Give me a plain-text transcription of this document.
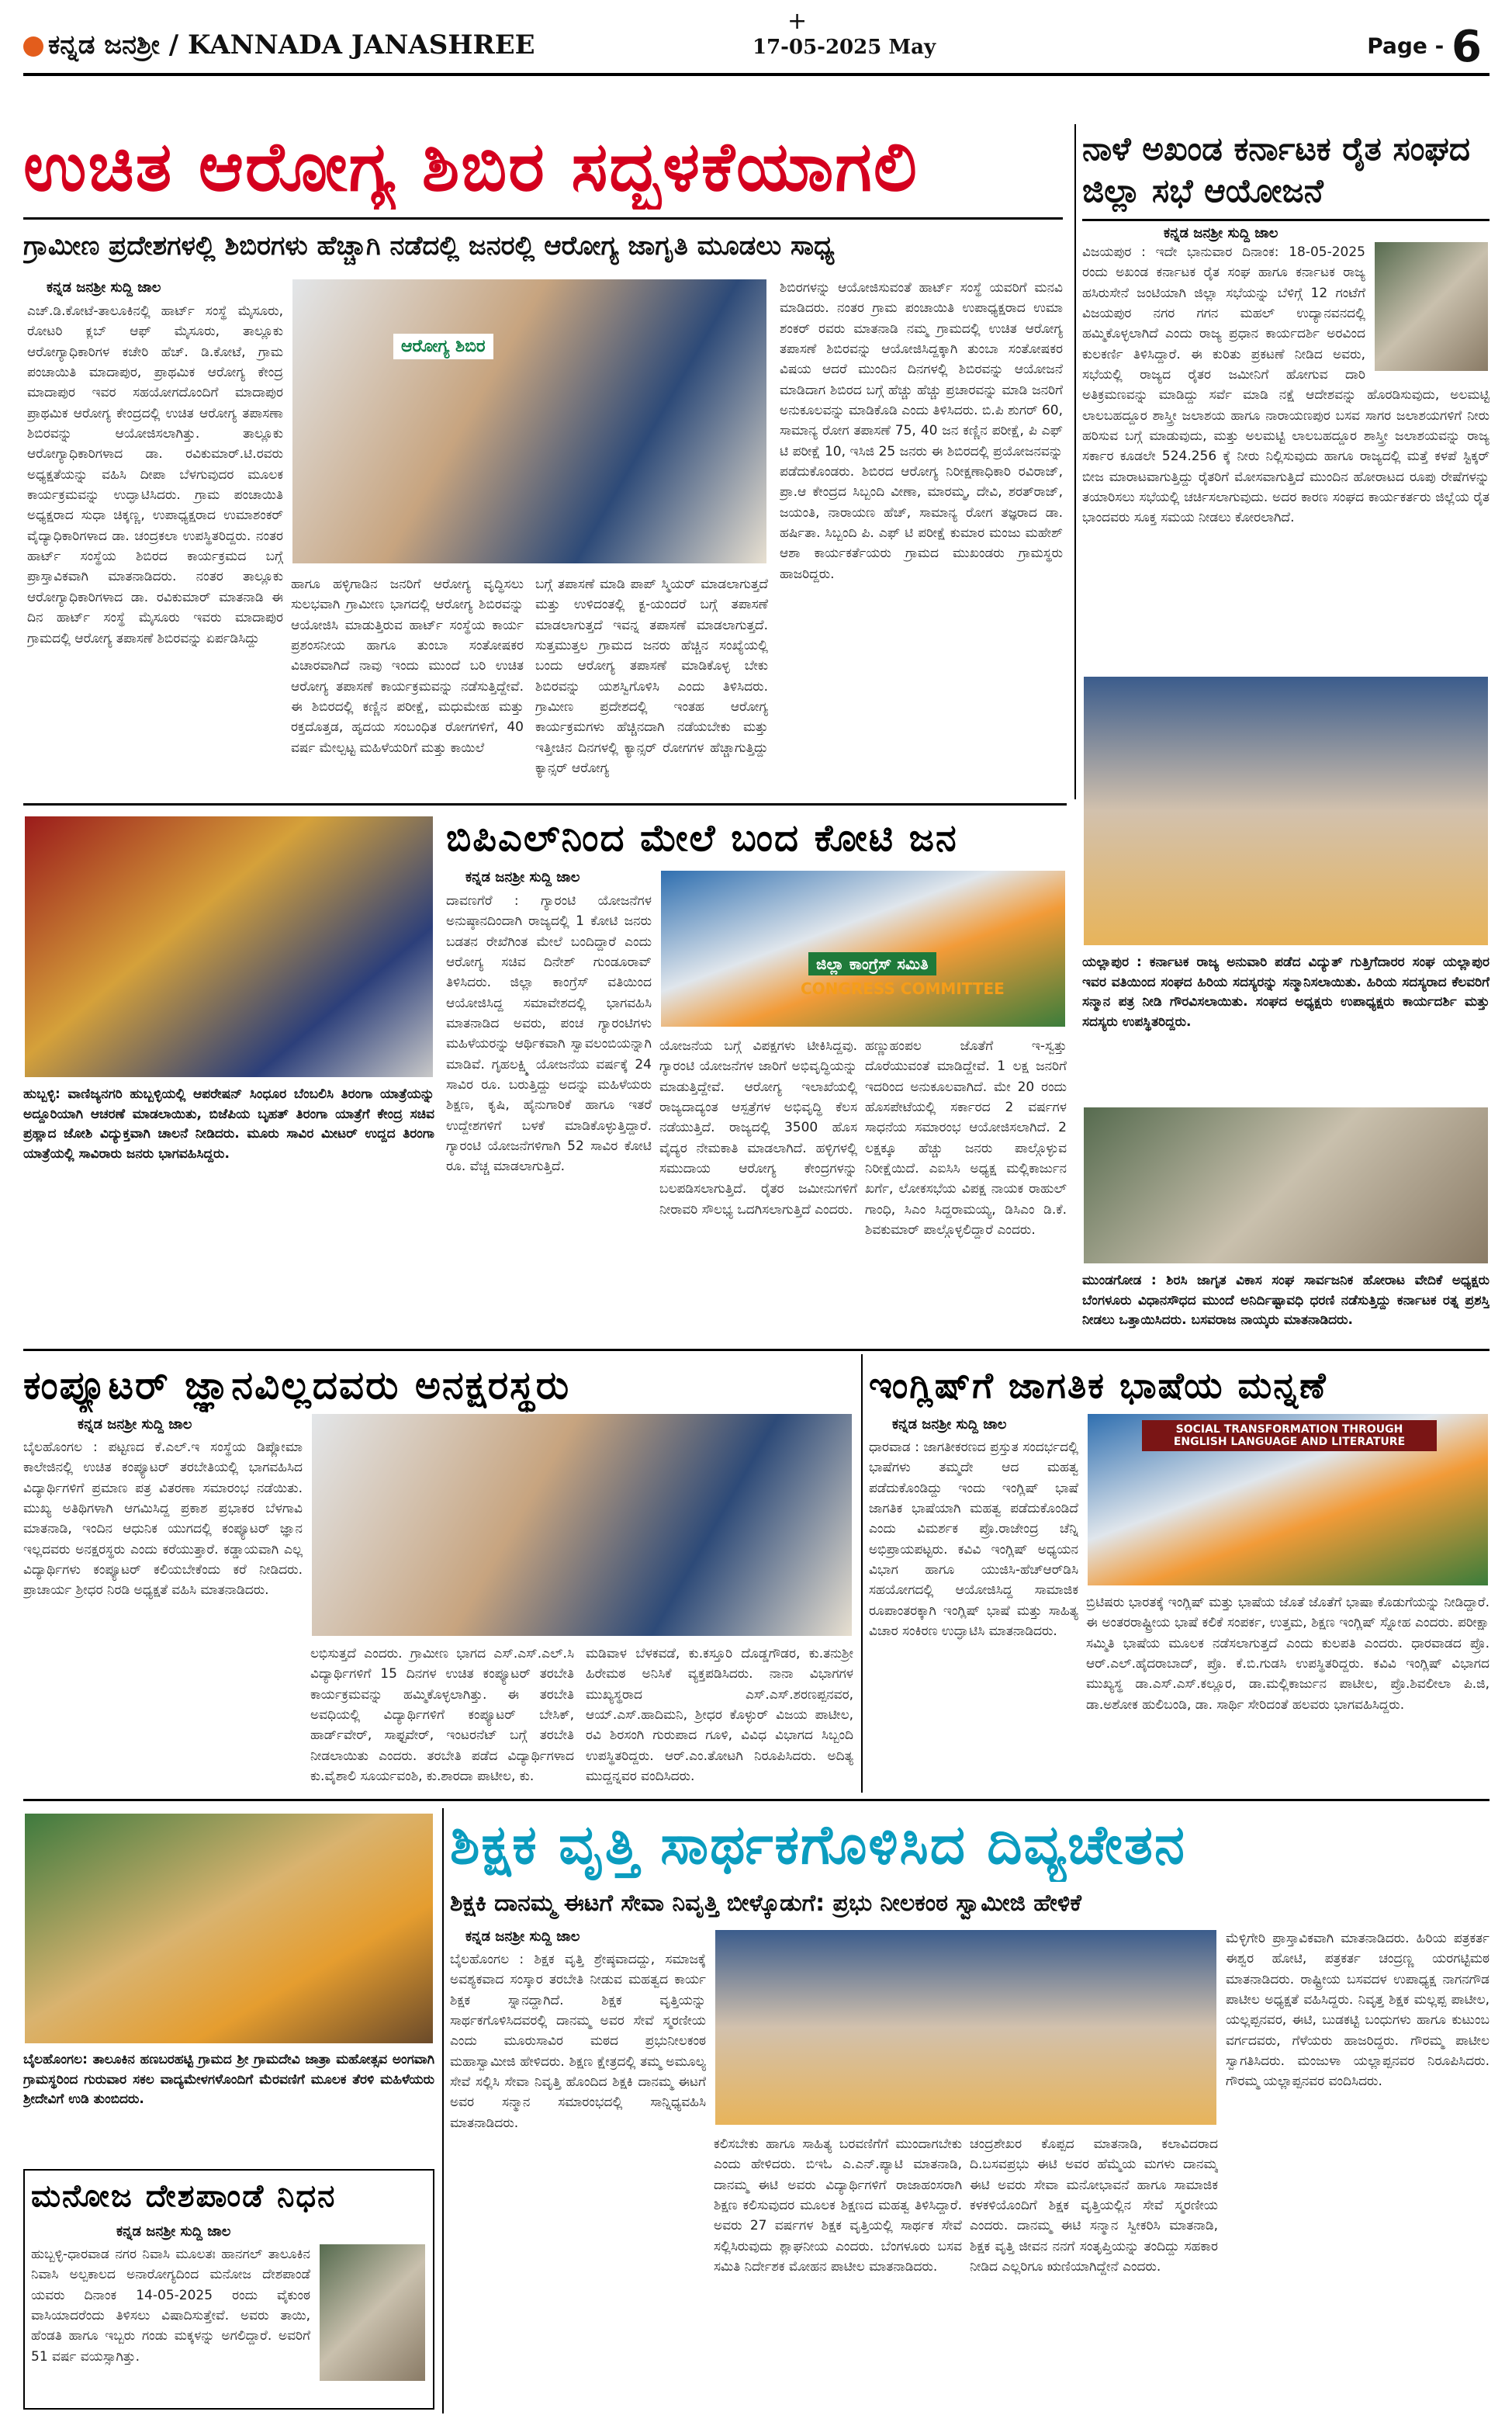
ಕನ್ನಡ ಜನಶ್ರೀ / KANNADA JANASHREE
+
17-05-2025 May	Page - 6
ಉಚಿತ ಆರೋಗ್ಯ ಶಿಬಿರ ಸದ್ಬಳಕೆಯಾಗಲಿ
ಗ್ರಾಮೀಣ ಪ್ರದೇಶಗಳಲ್ಲಿ ಶಿಬಿರಗಳು ಹೆಚ್ಚಾಗಿ ನಡೆದಲ್ಲಿ ಜನರಲ್ಲಿ ಆರೋಗ್ಯ ಜಾಗೃತಿ ಮೂಡಲು ಸಾಧ್ಯ
ಕನ್ನಡ ಜನಶ್ರೀ ಸುದ್ದಿ ಜಾಲ
ಎಚ್.ಡಿ.ಕೋಟೆ-ತಾಲೂಕಿನಲ್ಲಿ ಹಾರ್ಟ್ ಸಂಸ್ಥೆ ಮೈಸೂರು, ರೋಟರಿ ಕ್ಲಬ್ ಆಫ್ ಮೈಸೂರು, ತಾಲ್ಲೂಕು ಆರೋಗ್ಯಾಧಿಕಾರಿಗಳ ಕಚೇರಿ ಹೆಚ್. ಡಿ.ಕೋಟೆ, ಗ್ರಾಮ ಪಂಚಾಯಿತಿ ಮಾದಾಪುರ, ಪ್ರಾಥಮಿಕ ಆರೋಗ್ಯ ಕೇಂದ್ರ ಮಾದಾಪುರ ಇವರ ಸಹಯೋಗದೊಂದಿಗೆ ಮಾದಾಪುರ ಪ್ರಾಥಮಿಕ ಆರೋಗ್ಯ ಕೇಂದ್ರದಲ್ಲಿ ಉಚಿತ ಆರೋಗ್ಯ ತಪಾಸಣಾ ಶಿಬಿರವನ್ನು ಆಯೋಜಿಸಲಾಗಿತ್ತು. ತಾಲ್ಲೂಕು ಆರೋಗ್ಯಾಧಿಕಾರಿಗಳಾದ ಡಾ. ರವಿಕುಮಾರ್.ಟಿ.ರವರು ಅಧ್ಯಕ್ಷತೆಯನ್ನು ವಹಿಸಿ ದೀಪಾ ಬೆಳಗುವುದರ ಮೂಲಕ ಕಾರ್ಯಕ್ರಮವನ್ನು ಉದ್ಘಾಟಿಸಿದರು. ಗ್ರಾಮ ಪಂಚಾಯಿತಿ ಅಧ್ಯಕ್ಷರಾದ ಸುಧಾ ಚಿಕ್ಕಣ್ಣ, ಉಪಾಧ್ಯಕ್ಷರಾದ ಉಮಾಶಂಕರ್ ವೈದ್ಯಾಧಿಕಾರಿಗಳಾದ ಡಾ. ಚಂದ್ರಕಲಾ ಉಪಸ್ಥಿತರಿದ್ದರು. ನಂತರ ಹಾರ್ಟ್ ಸಂಸ್ಥೆಯ ಶಿಬಿರದ ಕಾರ್ಯಕ್ರಮದ ಬಗ್ಗೆ ಪ್ರಾಸ್ತಾವಿಕವಾಗಿ ಮಾತನಾಡಿದರು. ನಂತರ ತಾಲ್ಲೂಕು ಆರೋಗ್ಯಾಧಿಕಾರಿಗಳಾದ ಡಾ. ರವಿಕುಮಾರ್ ಮಾತನಾಡಿ ಈ ದಿನ ಹಾರ್ಟ್ ಸಂಸ್ಥೆ ಮೈಸೂರು ಇವರು ಮಾದಾಪುರ ಗ್ರಾಮದಲ್ಲಿ ಆರೋಗ್ಯ ತಪಾಸಣೆ ಶಿಬಿರವನ್ನು ಏರ್ಪಡಿಸಿದ್ದು
ಆರೋಗ್ಯ ಶಿಬಿರ
ಹಾಗೂ ಹಳ್ಳಿಗಾಡಿನ ಜನರಿಗೆ ಆರೋಗ್ಯ ವೃದ್ಧಿಸಲು ಸುಲಭವಾಗಿ ಗ್ರಾಮೀಣ ಭಾಗದಲ್ಲಿ ಆರೋಗ್ಯ ಶಿಬಿರವನ್ನು ಆಯೋಜಿಸಿ ಮಾಡುತ್ತಿರುವ ಹಾರ್ಟ್ ಸಂಸ್ಥೆಯ ಕಾರ್ಯ ಪ್ರಶಂಸನೀಯ ಹಾಗೂ ತುಂಬಾ ಸಂತೋಷಕರ ವಿಚಾರವಾಗಿದೆ ನಾವು ಇಂದು ಮುಂದೆ ಬರಿ ಉಚಿತ ಆರೋಗ್ಯ ತಪಾಸಣೆ ಕಾರ್ಯಕ್ರಮವನ್ನು ನಡೆಸುತ್ತಿದ್ದೇವೆ. ಈ ಶಿಬಿರದಲ್ಲಿ ಕಣ್ಣಿನ ಪರೀಕ್ಷೆ, ಮಧುಮೇಹ ಮತ್ತು ರಕ್ತದೊತ್ತಡ, ಹೃದಯ ಸಂಬಂಧಿತ ರೋಗಗಳಿಗೆ, 40 ವರ್ಷ ಮೇಲ್ಪಟ್ಟ ಮಹಿಳೆಯರಿಗೆ ಮತ್ತು ಕಾಯಿಲೆ
ಬಗ್ಗೆ ತಪಾಸಣೆ ಮಾಡಿ ಪಾಪ್ ಸ್ಮಿಯರ್ ಮಾಡಲಾಗುತ್ತದೆ ಮತ್ತು ಉಳಿದಂತಲ್ಲಿ ಕ್ಟ-ಯಂದರೆ ಬಗ್ಗೆ ತಪಾಸಣೆ ಮಾಡಲಾಗುತ್ತದೆ ಇವನ್ನ ತಪಾಸಣೆ ಮಾಡಲಾಗುತ್ತದೆ. ಸುತ್ತಮುತ್ತಲ ಗ್ರಾಮದ ಜನರು ಹೆಚ್ಚಿನ ಸಂಖ್ಯೆಯಲ್ಲಿ ಬಂದು ಆರೋಗ್ಯ ತಪಾಸಣೆ ಮಾಡಿಕೊಳ್ಳ ಬೇಕು ಶಿಬಿರವನ್ನು ಯಶಸ್ವಿಗೊಳಿಸಿ ಎಂದು ತಿಳಿಸಿದರು. ಗ್ರಾಮೀಣ ಪ್ರದೇಶದಲ್ಲಿ ಇಂತಹ ಆರೋಗ್ಯ ಕಾರ್ಯಕ್ರಮಗಳು ಹೆಚ್ಚಿನದಾಗಿ ನಡೆಯಬೇಕು ಮತ್ತು ಇತ್ತೀಚಿನ ದಿನಗಳಲ್ಲಿ ಕ್ಯಾನ್ಸರ್ ರೋಗಗಳ ಹೆಚ್ಚಾಗುತ್ತಿದ್ದು ಕ್ಯಾನ್ಸರ್ ಆರೋಗ್ಯ
ಶಿಬಿರಗಳನ್ನು ಆಯೋಜಿಸುವಂತೆ ಹಾರ್ಟ್ ಸಂಸ್ಥೆ ಯವರಿಗೆ ಮನವಿ ಮಾಡಿದರು. ನಂತರ ಗ್ರಾಮ ಪಂಚಾಯಿತಿ ಉಪಾಧ್ಯಕ್ಷರಾದ ಉಮಾ ಶಂಕರ್ ರವರು ಮಾತನಾಡಿ ನಮ್ಮ ಗ್ರಾಮದಲ್ಲಿ ಉಚಿತ ಆರೋಗ್ಯ ತಪಾಸಣೆ ಶಿಬಿರವನ್ನು ಆಯೋಜಿಸಿದ್ದಕ್ಕಾಗಿ ತುಂಬಾ ಸಂತೋಷಕರ ವಿಷಯ ಆದರೆ ಮುಂದಿನ ದಿನಗಳಲ್ಲಿ ಶಿಬಿರವನ್ನು ಆಯೋಜನೆ ಮಾಡಿದಾಗ ಶಿಬಿರದ ಬಗ್ಗೆ ಹೆಚ್ಚು ಹೆಚ್ಚು ಪ್ರಚಾರವನ್ನು ಮಾಡಿ ಜನರಿಗೆ ಅನುಕೂಲವನ್ನು ಮಾಡಿಕೊಡಿ ಎಂದು ತಿಳಿಸಿದರು. ಬಿ.ಪಿ ಶುಗರ್ 60, ಸಾಮಾನ್ಯ ರೋಗ ತಪಾಸಣೆ 75, 40 ಜನ ಕಣ್ಣಿನ ಪರೀಕ್ಷೆ, ಪಿ ಎಫ್ ಟಿ ಪರೀಕ್ಷೆ 10, ಇಸಿಜಿ 25 ಜನರು ಈ ಶಿಬಿರದಲ್ಲಿ ಪ್ರಯೋಜನವನ್ನು ಪಡೆದುಕೊಂಡರು. ಶಿಬಿರದ ಆರೋಗ್ಯ ನಿರೀಕ್ಷಣಾಧಿಕಾರಿ ರವಿರಾಜ್, ಪ್ರಾ.ಆ ಕೇಂದ್ರದ ಸಿಬ್ಬಂದಿ ವೀಣಾ, ಮಾರಮ್ಮ, ದೇವಿ, ಶರತ್‌ರಾಜ್, ಜಯಂತಿ, ನಾರಾಯಣ ಹೆಚ್, ಸಾಮಾನ್ಯ ರೋಗ ತಜ್ಞರಾದ ಡಾ. ಹರ್ಷಿತಾ. ಸಿಬ್ಬಂದಿ ಪಿ. ಎಫ್ ಟಿ ಪರೀಕ್ಷೆ ಕುಮಾರ ಮಂಜು ಮಹೇಶ್ ಆಶಾ ಕಾರ್ಯಕರ್ತೆಯರು ಗ್ರಾಮದ ಮುಖಂಡರು ಗ್ರಾಮಸ್ಥರು ಹಾಜರಿದ್ದರು.
ನಾಳೆ ಅಖಂಡ ಕರ್ನಾಟಕ ರೈತ ಸಂಘದ ಜಿಲ್ಲಾ ಸಭೆ ಆಯೋಜನೆ
ಕನ್ನಡ ಜನಶ್ರೀ ಸುದ್ದಿ ಜಾಲ
ವಿಜಯಪುರ : ಇದೇ ಭಾನುವಾರ ದಿನಾಂಕ: 18-05-2025 ರಂದು ಅಖಂಡ ಕರ್ನಾಟಕ ರೈತ ಸಂಘ ಹಾಗೂ ಕರ್ನಾಟಕ ರಾಜ್ಯ ಹಸಿರುಸೇನೆ ಜಂಟಿಯಾಗಿ ಜಿಲ್ಲಾ ಸಭೆಯನ್ನು ಬೆಳಿಗ್ಗೆ 12 ಗಂಟೆಗೆ ವಿಜಯಪುರ ನಗರ ಗಗನ ಮಹಲ್ ಉದ್ಯಾನವನದಲ್ಲಿ ಹಮ್ಮಿಕೊಳ್ಳಲಾಗಿದೆ ಎಂದು ರಾಜ್ಯ ಪ್ರಧಾನ ಕಾರ್ಯದರ್ಶಿ ಅರವಿಂದ ಕುಲಕರ್ಣಿ ತಿಳಿಸಿದ್ದಾರೆ. ಈ ಕುರಿತು ಪ್ರಕಟಣೆ ನೀಡಿದ ಅವರು, ಸಭೆಯಲ್ಲಿ ರಾಜ್ಯದ ರೈತರ ಜಮೀನಿಗೆ ಹೋಗುವ ದಾರಿ ಅತಿಕ್ರಮಣವನ್ನು ಮಾಡಿದ್ದು ಸರ್ವೆ ಮಾಡಿ ನಕ್ಷೆ ಆದೇಶವನ್ನು ಹೊರಡಿಸುವುದು, ಅಲಮಟ್ಟಿ ಲಾಲಬಹದ್ದೂರ ಶಾಸ್ತ್ರೀ ಜಲಾಶಯ ಹಾಗೂ ನಾರಾಯಣಪುರ ಬಸವ ಸಾಗರ ಜಲಾಶಯಗಳಿಗೆ ನೀರು ಹರಿಸುವ ಬಗ್ಗೆ ಮಾಡುವುದು, ಮತ್ತು ಅಲಮಟ್ಟಿ ಲಾಲಬಹದ್ದೂರ ಶಾಸ್ತ್ರೀ ಜಲಾಶಯವನ್ನು ರಾಜ್ಯ ಸರ್ಕಾರ ಕೂಡಲೇ 524.256 ಕ್ಕೆ ನೀರು ನಿಲ್ಲಿಸುವುದು ಹಾಗೂ ರಾಜ್ಯದಲ್ಲಿ ಮತ್ತೆ ಕಳಪೆ ಸ್ಟಿಕ್ಕರ್ ಬೀಜ ಮಾರಾಟವಾಗುತ್ತಿದ್ದು ರೈತರಿಗೆ ಮೋಸವಾಗುತ್ತಿದೆ ಮುಂದಿನ ಹೋರಾಟದ ರೂಪು ರೇಷೆಗಳನ್ನು ತಯಾರಿಸಲು ಸಭೆಯಲ್ಲಿ ಚರ್ಚಿಸಲಾಗುವುದು. ಅದರ ಕಾರಣ ಸಂಘದ ಕಾರ್ಯಕರ್ತರು ಜಿಲ್ಲೆಯ ರೈತ ಭಾಂದವರು ಸೂಕ್ತ ಸಮಯ ನೀಡಲು ಕೋರಲಾಗಿದೆ.
ಯಲ್ಲಾಪುರ : ಕರ್ನಾಟಕ ರಾಜ್ಯ ಅನುವಾರಿ ಪಡೆದ ವಿದ್ಯುತ್ ಗುತ್ತಿಗೆದಾರರ ಸಂಘ ಯಲ್ಲಾಪುರ ಇವರ ವತಿಯಿಂದ ಸಂಘದ ಹಿರಿಯ ಸದಸ್ಯರನ್ನು ಸನ್ಮಾನಿಸಲಾಯಿತು. ಹಿರಿಯ ಸದಸ್ಯರಾದ ಕೆಲವರಿಗೆ ಸನ್ಮಾನ ಪತ್ರ ನೀಡಿ ಗೌರವಿಸಲಾಯಿತು. ಸಂಘದ ಅಧ್ಯಕ್ಷರು ಉಪಾಧ್ಯಕ್ಷರು ಕಾರ್ಯದರ್ಶಿ ಮತ್ತು ಸದಸ್ಯರು ಉಪಸ್ಥಿತರಿದ್ದರು.
ಹುಬ್ಬಳ್ಳಿ: ವಾಣಿಜ್ಯನಗರಿ ಹುಬ್ಬಳ್ಳಿಯಲ್ಲಿ ಆಪರೇಷನ್ ಸಿಂಧೂರ ಬೆಂಬಲಿಸಿ ತಿರಂಗಾ ಯಾತ್ರೆಯನ್ನು ಅದ್ದೂರಿಯಾಗಿ ಆಚರಣೆ ಮಾಡಲಾಯಿತು, ಬಿಜೆಪಿಯ ಬೃಹತ್ ತಿರಂಗಾ ಯಾತ್ರೆಗೆ ಕೇಂದ್ರ ಸಚಿವ ಪ್ರಹ್ಲಾದ ಜೋಶಿ ವಿದ್ಯುಕ್ತವಾಗಿ ಚಾಲನೆ ನೀಡಿದರು. ಮೂರು ಸಾವಿರ ಮೀಟರ್ ಉದ್ದದ ತಿರಂಗಾ ಯಾತ್ರೆಯಲ್ಲಿ ಸಾವಿರಾರು ಜನರು ಭಾಗವಹಿಸಿದ್ದರು.
ಬಿಪಿಎಲ್‌ನಿಂದ ಮೇಲೆ ಬಂದ ಕೋಟಿ ಜನ
ಕನ್ನಡ ಜನಶ್ರೀ ಸುದ್ದಿ ಜಾಲ
ದಾವಣಗೆರೆ : ಗ್ಯಾರಂಟಿ ಯೋಜನೆಗಳ ಅನುಷ್ಠಾನದಿಂದಾಗಿ ರಾಜ್ಯದಲ್ಲಿ 1 ಕೋಟಿ ಜನರು ಬಡತನ ರೇಖೆಗಿಂತ ಮೇಲೆ ಬಂದಿದ್ದಾರೆ ಎಂದು ಆರೋಗ್ಯ ಸಚಿವ ದಿನೇಶ್ ಗುಂಡೂರಾವ್ ತಿಳಿಸಿದರು. ಜಿಲ್ಲಾ ಕಾಂಗ್ರೆಸ್ ವತಿಯಿಂದ ಆಯೋಜಿಸಿದ್ದ ಸಮಾವೇಶದಲ್ಲಿ ಭಾಗವಹಿಸಿ ಮಾತನಾಡಿದ ಅವರು, ಪಂಚ ಗ್ಯಾರಂಟಿಗಳು ಮಹಿಳೆಯರನ್ನು ಆರ್ಥಿಕವಾಗಿ ಸ್ವಾವಲಂಬಿಯನ್ನಾಗಿ ಮಾಡಿವೆ. ಗೃಹಲಕ್ಷ್ಮಿ ಯೋಜನೆಯ ವರ್ಷಕ್ಕೆ 24 ಸಾವಿರ ರೂ. ಬರುತ್ತಿದ್ದು ಅದನ್ನು ಮಹಿಳೆಯರು ಶಿಕ್ಷಣ, ಕೃಷಿ, ಹೈನುಗಾರಿಕೆ ಹಾಗೂ ಇತರೆ ಉದ್ದೇಶಗಳಿಗೆ ಬಳಕೆ ಮಾಡಿಕೊಳ್ಳುತ್ತಿದ್ದಾರೆ. ಗ್ಯಾರಂಟಿ ಯೋಜನೆಗಳಿಗಾಗಿ 52 ಸಾವಿರ ಕೋಟಿ ರೂ. ವೆಚ್ಚ ಮಾಡಲಾಗುತ್ತಿದೆ.
ಜಿಲ್ಲಾ ಕಾಂಗ್ರೆಸ್ ಸಮಿತಿ
CONGRESS COMMITTEE
ಯೋಜನೆಯ ಬಗ್ಗೆ ವಿಪಕ್ಷಗಳು ಟೀಕಿಸಿದ್ದವು. ಗ್ಯಾರಂಟಿ ಯೋಜನೆಗಳ ಜಾರಿಗೆ ಅಭಿವೃದ್ಧಿಯನ್ನು ಮಾಡುತ್ತಿದ್ದೇವೆ. ಆರೋಗ್ಯ ಇಲಾಖೆಯಲ್ಲಿ ರಾಜ್ಯದಾದ್ಯಂತ ಆಸ್ಪತ್ರೆಗಳ ಅಭಿವೃದ್ಧಿ ಕೆಲಸ ನಡೆಯುತ್ತಿದೆ. ರಾಜ್ಯದಲ್ಲಿ 3500 ಹೊಸ ವೈದ್ಯರ ನೇಮಕಾತಿ ಮಾಡಲಾಗಿದೆ. ಹಳ್ಳಿಗಳಲ್ಲಿ ಸಮುದಾಯ ಆರೋಗ್ಯ ಕೇಂದ್ರಗಳನ್ನು ಬಲಪಡಿಸಲಾಗುತ್ತಿದೆ. ರೈತರ ಜಮೀನುಗಳಿಗೆ ನೀರಾವರಿ ಸೌಲಭ್ಯ ಒದಗಿಸಲಾಗುತ್ತಿದೆ ಎಂದರು.
ಹಣ್ಣುಹಂಪಲ ಜೊತೆಗೆ ಇ-ಸ್ವತ್ತು ದೊರೆಯುವಂತೆ ಮಾಡಿದ್ದೇವೆ. 1 ಲಕ್ಷ ಜನರಿಗೆ ಇದರಿಂದ ಅನುಕೂಲವಾಗಿದೆ. ಮೇ 20 ರಂದು ಹೊಸಪೇಟೆಯಲ್ಲಿ ಸರ್ಕಾರದ 2 ವರ್ಷಗಳ ಸಾಧನೆಯ ಸಮಾರಂಭ ಆಯೋಜಿಸಲಾಗಿದೆ. 2 ಲಕ್ಷಕ್ಕೂ ಹೆಚ್ಚು ಜನರು ಪಾಲ್ಗೊಳ್ಳುವ ನಿರೀಕ್ಷೆಯಿದೆ. ಎಐಸಿಸಿ ಅಧ್ಯಕ್ಷ ಮಲ್ಲಿಕಾರ್ಜುನ ಖರ್ಗೆ, ಲೋಕಸಭೆಯ ವಿಪಕ್ಷ ನಾಯಕ ರಾಹುಲ್ ಗಾಂಧಿ, ಸಿಎಂ ಸಿದ್ದರಾಮಯ್ಯ, ಡಿಸಿಎಂ ಡಿ.ಕೆ. ಶಿವಕುಮಾರ್ ಪಾಲ್ಗೊಳ್ಳಲಿದ್ದಾರೆ ಎಂದರು.
ಮುಂಡಗೋಡ : ಶಿರಸಿ ಜಾಗೃತ ವಿಕಾಸ ಸಂಘ ಸಾರ್ವಜನಿಕ ಹೋರಾಟ ವೇದಿಕೆ ಅಧ್ಯಕ್ಷರು ಬೆಂಗಳೂರು ವಿಧಾನಸೌಧದ ಮುಂದೆ ಅನಿರ್ದಿಷ್ಟಾವಧಿ ಧರಣಿ ನಡೆಸುತ್ತಿದ್ದು ಕರ್ನಾಟಕ ರತ್ನ ಪ್ರಶಸ್ತಿ ನೀಡಲು ಒತ್ತಾಯಿಸಿದರು. ಬಸವರಾಜ ನಾಯ್ಕರು ಮಾತನಾಡಿದರು.
ಕಂಪ್ಯೂಟರ್ ಜ್ಞಾನವಿಲ್ಲದವರು ಅನಕ್ಷರಸ್ಥರು
ಕನ್ನಡ ಜನಶ್ರೀ ಸುದ್ದಿ ಜಾಲ
ಬೈಲಹೊಂಗಲ : ಪಟ್ಟಣದ ಕೆ.ಎಲ್.ಇ ಸಂಸ್ಥೆಯ ಡಿಪ್ಲೋಮಾ ಕಾಲೇಜಿನಲ್ಲಿ ಉಚಿತ ಕಂಪ್ಯೂಟರ್ ತರಬೇತಿಯಲ್ಲಿ ಭಾಗವಹಿಸಿದ ವಿದ್ಯಾರ್ಥಿಗಳಿಗೆ ಪ್ರಮಾಣ ಪತ್ರ ವಿತರಣಾ ಸಮಾರಂಭ ನಡೆಯಿತು. ಮುಖ್ಯ ಅತಿಥಿಗಳಾಗಿ ಆಗಮಿಸಿದ್ದ ಪ್ರಕಾಶ ಪ್ರಭಾಕರ ಬೆಳಗಾವಿ ಮಾತನಾಡಿ, ಇಂದಿನ ಆಧುನಿಕ ಯುಗದಲ್ಲಿ ಕಂಪ್ಯೂಟರ್ ಜ್ಞಾನ ಇಲ್ಲದವರು ಅನಕ್ಷರಸ್ಥರು ಎಂದು ಕರೆಯುತ್ತಾರೆ. ಕಡ್ಡಾಯವಾಗಿ ಎಲ್ಲ ವಿದ್ಯಾರ್ಥಿಗಳು ಕಂಪ್ಯೂಟರ್ ಕಲಿಯಬೇಕೆಂದು ಕರೆ ನೀಡಿದರು. ಪ್ರಾಚಾರ್ಯ ಶ್ರೀಧರ ನಿರಡಿ ಅಧ್ಯಕ್ಷತೆ ವಹಿಸಿ ಮಾತನಾಡಿದರು.
ಲಭಿಸುತ್ತದೆ ಎಂದರು. ಗ್ರಾಮೀಣ ಭಾಗದ ಎಸ್.ಎಸ್.ಎಲ್.ಸಿ ವಿದ್ಯಾರ್ಥಿಗಳಿಗೆ 15 ದಿನಗಳ ಉಚಿತ ಕಂಪ್ಯೂಟರ್ ತರಬೇತಿ ಕಾರ್ಯಕ್ರಮವನ್ನು ಹಮ್ಮಿಕೊಳ್ಳಲಾಗಿತ್ತು. ಈ ತರಬೇತಿ ಅವಧಿಯಲ್ಲಿ ವಿದ್ಯಾರ್ಥಿಗಳಿಗೆ ಕಂಪ್ಯೂಟರ್ ಬೇಸಿಕ್, ಹಾರ್ಡ್‌ವೇರ್, ಸಾಫ್ಟವೇರ್, ಇಂಟರನೆಟ್ ಬಗ್ಗೆ ತರಬೇತಿ ನೀಡಲಾಯಿತು ಎಂದರು. ತರಬೇತಿ ಪಡೆದ ವಿದ್ಯಾರ್ಥಿಗಳಾದ ಕು.ವೈಶಾಲಿ ಸೂರ್ಯವಂಶಿ, ಕು.ಶಾರದಾ ಪಾಟೀಲ, ಕು.
ಮಡಿವಾಳ ಬೆಳಕವಡೆ, ಕು.ಕಸ್ತೂರಿ ದೊಡ್ಡಗೌಡರ, ಕು.ತನುಶ್ರೀ ಹಿರೇಮಠ ಅನಿಸಿಕೆ ವ್ಯಕ್ತಪಡಿಸಿದರು. ನಾನಾ ವಿಭಾಗಗಳ ಮುಖ್ಯಸ್ಥರಾದ ಎಸ್.ಎಸ್.ಶರಣಪ್ಪನವರ, ಆಯ್.ಎಸ್.ಹಾದಿಮನಿ, ಶ್ರೀಧರ ಕೊಳ್ಳುರ್ ವಿಜಯ ಪಾಟೀಲ, ರವಿ ಶಿರಸಂಗಿ ಗುರುಪಾದ ಗೂಳಿ, ವಿವಿಧ ವಿಭಾಗದ ಸಿಬ್ಬಂದಿ ಉಪಸ್ಥಿತರಿದ್ದರು. ಆರ್.ಎಂ.ತೋಟಗಿ ನಿರೂಪಿಸಿದರು. ಅದಿತ್ಯ ಮುದ್ದನ್ನವರ ವಂದಿಸಿದರು.
ಇಂಗ್ಲಿಷ್‌ಗೆ ಜಾಗತಿಕ ಭಾಷೆಯ ಮನ್ನಣೆ
ಕನ್ನಡ ಜನಶ್ರೀ ಸುದ್ದಿ ಜಾಲ
ಧಾರವಾಡ : ಜಾಗತೀಕರಣದ ಪ್ರಸ್ತುತ ಸಂದರ್ಭದಲ್ಲಿ ಭಾಷೆಗಳು ತಮ್ಮದೇ ಆದ ಮಹತ್ವ ಪಡೆದುಕೊಂಡಿದ್ದು ಇಂದು ಇಂಗ್ಲಿಷ್ ಭಾಷೆ ಜಾಗತಿಕ ಭಾಷೆಯಾಗಿ ಮಹತ್ವ ಪಡೆದುಕೊಂಡಿದೆ ಎಂದು ವಿಮರ್ಶಕ ಪ್ರೊ.ರಾಜೇಂದ್ರ ಚೆನ್ನಿ ಅಭಿಪ್ರಾಯಪಟ್ಟರು. ಕವಿವಿ ಇಂಗ್ಲಿಷ್ ಅಧ್ಯಯನ ವಿಭಾಗ ಹಾಗೂ ಯುಜಿಸಿ-ಹೆಚ್‌ಆರ್‌ಡಿಸಿ ಸಹಯೋಗದಲ್ಲಿ ಆಯೋಜಿಸಿದ್ದ ಸಾಮಾಜಿಕ ರೂಪಾಂತರಕ್ಕಾಗಿ ಇಂಗ್ಲಿಷ್ ಭಾಷೆ ಮತ್ತು ಸಾಹಿತ್ಯ ವಿಚಾರ ಸಂಕಿರಣ ಉದ್ಘಾಟಿಸಿ ಮಾತನಾಡಿದರು.
SOCIAL TRANSFORMATION THROUGH ENGLISH LANGUAGE AND LITERATURE
ಬ್ರಿಟಿಷರು ಭಾರತಕ್ಕೆ ಇಂಗ್ಲಿಷ್ ಮತ್ತು ಭಾಷೆಯ ಜೊತೆ ಜೊತೆಗೆ ಭಾಷಾ ಕೊಡುಗೆಯನ್ನು ನೀಡಿದ್ದಾರೆ. ಈ ಅಂತರರಾಷ್ಟ್ರೀಯ ಭಾಷೆ ಕಲಿಕೆ ಸಂಪರ್ಕ, ಉತ್ತಮ, ಶಿಕ್ಷಣ ಇಂಗ್ಲಿಷ್ ಸ್ನೋಹ ಎಂದರು. ಪರೀಕ್ಷಾ ಸಮ್ಮಿತಿ ಭಾಷೆಯ ಮೂಲಕ ನಡೆಸಲಾಗುತ್ತದೆ ಎಂದು ಕುಲಪತಿ ಎಂದರು. ಧಾರವಾಡದ ಪ್ರೊ. ಆರ್.ಎಲ್.ಹೈದರಾಬಾದ್, ಪ್ರೊ. ಕೆ.ಬಿ.ಗುಡಸಿ ಉಪಸ್ಥಿತರಿದ್ದರು. ಕವಿವಿ ಇಂಗ್ಲಿಷ್ ವಿಭಾಗದ ಮುಖ್ಯಸ್ಥ ಡಾ.ಎಸ್.ಎಸ್.ಕಲ್ಲೂರ, ಡಾ.ಮಲ್ಲಿಕಾರ್ಜುನ ಪಾಟೀಲ, ಪ್ರೊ.ಶಿವಲೀಲಾ ಪಿ.ಜಿ, ಡಾ.ಅಶೋಕ ಹುಲಿಬಂಡಿ, ಡಾ. ಸಾರ್ಥಿ ಸೇರಿದಂತೆ ಹಲವರು ಭಾಗವಹಿಸಿದ್ದರು.
ಬೈಲಹೊಂಗಲ: ತಾಲೂಕಿನ ಹಣಬರಹಟ್ಟಿ ಗ್ರಾಮದ ಶ್ರೀ ಗ್ರಾಮದೇವಿ ಜಾತ್ರಾ ಮಹೋತ್ಸವ ಅಂಗವಾಗಿ ಗ್ರಾಮಸ್ಥರಿಂದ ಗುರುವಾರ ಸಕಲ ವಾದ್ಯಮೇಳಗಳೊಂದಿಗೆ ಮೆರವಣಿಗೆ ಮೂಲಕ ತೆರಳಿ ಮಹಿಳೆಯರು ಶ್ರೀದೇವಿಗೆ ಉಡಿ ತುಂಬಿದರು.
ಮನೋಜ ದೇಶಪಾಂಡೆ ನಿಧನ
ಕನ್ನಡ ಜನಶ್ರೀ ಸುದ್ದಿ ಜಾಲ
ಹುಬ್ಬಳ್ಳಿ-ಧಾರವಾಡ ನಗರ ನಿವಾಸಿ ಮೂಲತಃ ಹಾನಗಲ್ ತಾಲೂಕಿನ ನಿವಾಸಿ ಅಲ್ಪಕಾಲದ ಅನಾರೋಗ್ಯದಿಂದ ಮನೋಜ ದೇಶಪಾಂಡೆ ಯವರು ದಿನಾಂಕ 14-05-2025 ರಂದು ವೈಕುಂಠ ವಾಸಿಯಾದರೆಂದು ತಿಳಿಸಲು ವಿಷಾದಿಸುತ್ತೇವೆ. ಅವರು ತಾಯಿ, ಹೆಂಡತಿ ಹಾಗೂ ಇಬ್ಬರು ಗಂಡು ಮಕ್ಕಳನ್ನು ಅಗಲಿದ್ದಾರೆ. ಅವರಿಗೆ 51 ವರ್ಷ ವಯಸ್ಸಾಗಿತ್ತು.
ಶಿಕ್ಷಕ ವೃತ್ತಿ ಸಾರ್ಥಕಗೊಳಿಸಿದ ದಿವ್ಯಚೇತನ
ಶಿಕ್ಷಕಿ ದಾನಮ್ಮ ಈಟಗೆ ಸೇವಾ ನಿವೃತ್ತಿ ಬೀಳ್ಕೊಡುಗೆ: ಪ್ರಭು ನೀಲಕಂಠ ಸ್ವಾಮೀಜಿ ಹೇಳಿಕೆ
ಕನ್ನಡ ಜನಶ್ರೀ ಸುದ್ದಿ ಜಾಲ
ಬೈಲಹೊಂಗಲ : ಶಿಕ್ಷಕ ವೃತ್ತಿ ಶ್ರೇಷ್ಠವಾದದ್ದು, ಸಮಾಜಕ್ಕೆ ಅವಶ್ಯಕವಾದ ಸಂಸ್ಕಾರ ತರಬೇತಿ ನೀಡುವ ಮಹತ್ವದ ಕಾರ್ಯ ಶಿಕ್ಷಕ ಸ್ನಾನದ್ದಾಗಿದೆ. ಶಿಕ್ಷಕ ವೃತ್ತಿಯನ್ನು ಸಾರ್ಥಕಗೊಳಿಸಿದವರಲ್ಲಿ ದಾನಮ್ಮ ಅವರ ಸೇವೆ ಸ್ಮರಣೀಯ ಎಂದು ಮೂರುಸಾವಿರ ಮಠದ ಪ್ರಭುನೀಲಕಂಠ ಮಹಾಸ್ವಾಮೀಜಿ ಹೇಳಿದರು. ಶಿಕ್ಷಣ ಕ್ಷೇತ್ರದಲ್ಲಿ ತಮ್ಮ ಅಮೂಲ್ಯ ಸೇವೆ ಸಲ್ಲಿಸಿ ಸೇವಾ ನಿವೃತ್ತಿ ಹೊಂದಿದ ಶಿಕ್ಷಕಿ ದಾನಮ್ಮ ಈಟಗೆ ಅವರ ಸನ್ಮಾನ ಸಮಾರಂಭದಲ್ಲಿ ಸಾನ್ನಿಧ್ಯವಹಿಸಿ ಮಾತನಾಡಿದರು.
ಕಲಿಸಬೇಕು ಹಾಗೂ ಸಾಹಿತ್ಯ ಬರವಣಿಗೆಗೆ ಮುಂದಾಗಬೇಕು ಎಂದು ಹೇಳಿದರು. ಬಿಇಓ ಎ.ಎನ್.ಪ್ಯಾಟಿ ಮಾತನಾಡಿ, ದಾನಮ್ಮ ಈಟಿ ಅವರು ವಿದ್ಯಾರ್ಥಿಗಳಿಗೆ ರಾಜಾಹಂಸರಾಗಿ ಶಿಕ್ಷಣ ಕಲಿಸುವುದರ ಮೂಲಕ ಶಿಕ್ಷಣದ ಮಹತ್ವ ತಿಳಿಸಿದ್ದಾರೆ. ಅವರು 27 ವರ್ಷಗಳ ಶಿಕ್ಷಕ ವೃತ್ತಿಯಲ್ಲಿ ಸಾರ್ಥಕ ಸೇವೆ ಸಲ್ಲಿಸಿರುವುದು ಶ್ಲಾಘನೀಯ ಎಂದರು. ಬೆಂಗಳೂರು ಬಸವ ಸಮಿತಿ ನಿರ್ದೇಶಕ ಮೋಹನ ಪಾಟೀಲ ಮಾತನಾಡಿದರು.
ಚಂದ್ರಶೇಖರ ಕೊಪ್ಪದ ಮಾತನಾಡಿ, ಕಲಾವಿದರಾದ ದಿ.ಬಸವಪ್ರಭು ಈಟಿ ಅವರ ಹೆಮ್ಮೆಯ ಮಗಳು ದಾನಮ್ಮ ಈಟಿ ಅವರು ಸೇವಾ ಮನೋಭಾವನೆ ಹಾಗೂ ಸಾಮಾಜಿಕ ಕಳಕಳಿಯೊಂದಿಗೆ ಶಿಕ್ಷಕ ವೃತ್ತಿಯಲ್ಲಿನ ಸೇವೆ ಸ್ಮರಣೀಯ ಎಂದರು. ದಾನಮ್ಮ ಈಟಿ ಸನ್ಮಾನ ಸ್ವೀಕರಿಸಿ ಮಾತನಾಡಿ, ಶಿಕ್ಷಕ ವೃತ್ತಿ ಜೀವನ ನನಗೆ ಸಂತೃಪ್ತಿಯನ್ನು ತಂದಿದ್ದು ಸಹಕಾರ ನೀಡಿದ ಎಲ್ಲರಿಗೂ ಋಣಿಯಾಗಿದ್ದೇನೆ ಎಂದರು.
ಮೆಳ್ಳಿಗೇರಿ ಪ್ರಾಸ್ತಾವಿಕವಾಗಿ ಮಾತನಾಡಿದರು. ಹಿರಿಯ ಪತ್ರಕರ್ತ ಈಶ್ವರ ಹೋಟಿ, ಪತ್ರಕರ್ತ ಚಂದ್ರಣ್ಣ ಯರಗಟ್ಟಿಮಠ ಮಾತನಾಡಿದರು. ರಾಷ್ಟ್ರೀಯ ಬಸವದಳ ಉಪಾಧ್ಯಕ್ಷ ನಾಗನಗೌಡ ಪಾಟೀಲ ಅಧ್ಯಕ್ಷತೆ ವಹಿಸಿದ್ದರು. ನಿವೃತ್ತ ಶಿಕ್ಷಕ ಮಲ್ಲಪ್ಪ ಪಾಟೀಲ, ಯಲ್ಲಪ್ಪನವರ, ಈಟಿ, ಬುಡಕಟ್ಟಿ ಬಂಧುಗಳು ಹಾಗೂ ಕುಟುಂಬ ವರ್ಗದವರು, ಗೆಳೆಯರು ಹಾಜರಿದ್ದರು. ಗೌರಮ್ಮ ಪಾಟೀಲ ಸ್ವಾಗತಿಸಿದರು. ಮಂಜುಳಾ ಯಲ್ಲಾಪ್ಪನವರ ನಿರೂಪಿಸಿದರು. ಗೌರಮ್ಮ ಯಲ್ಲಾಪ್ಪನವರ ವಂದಿಸಿದರು.
